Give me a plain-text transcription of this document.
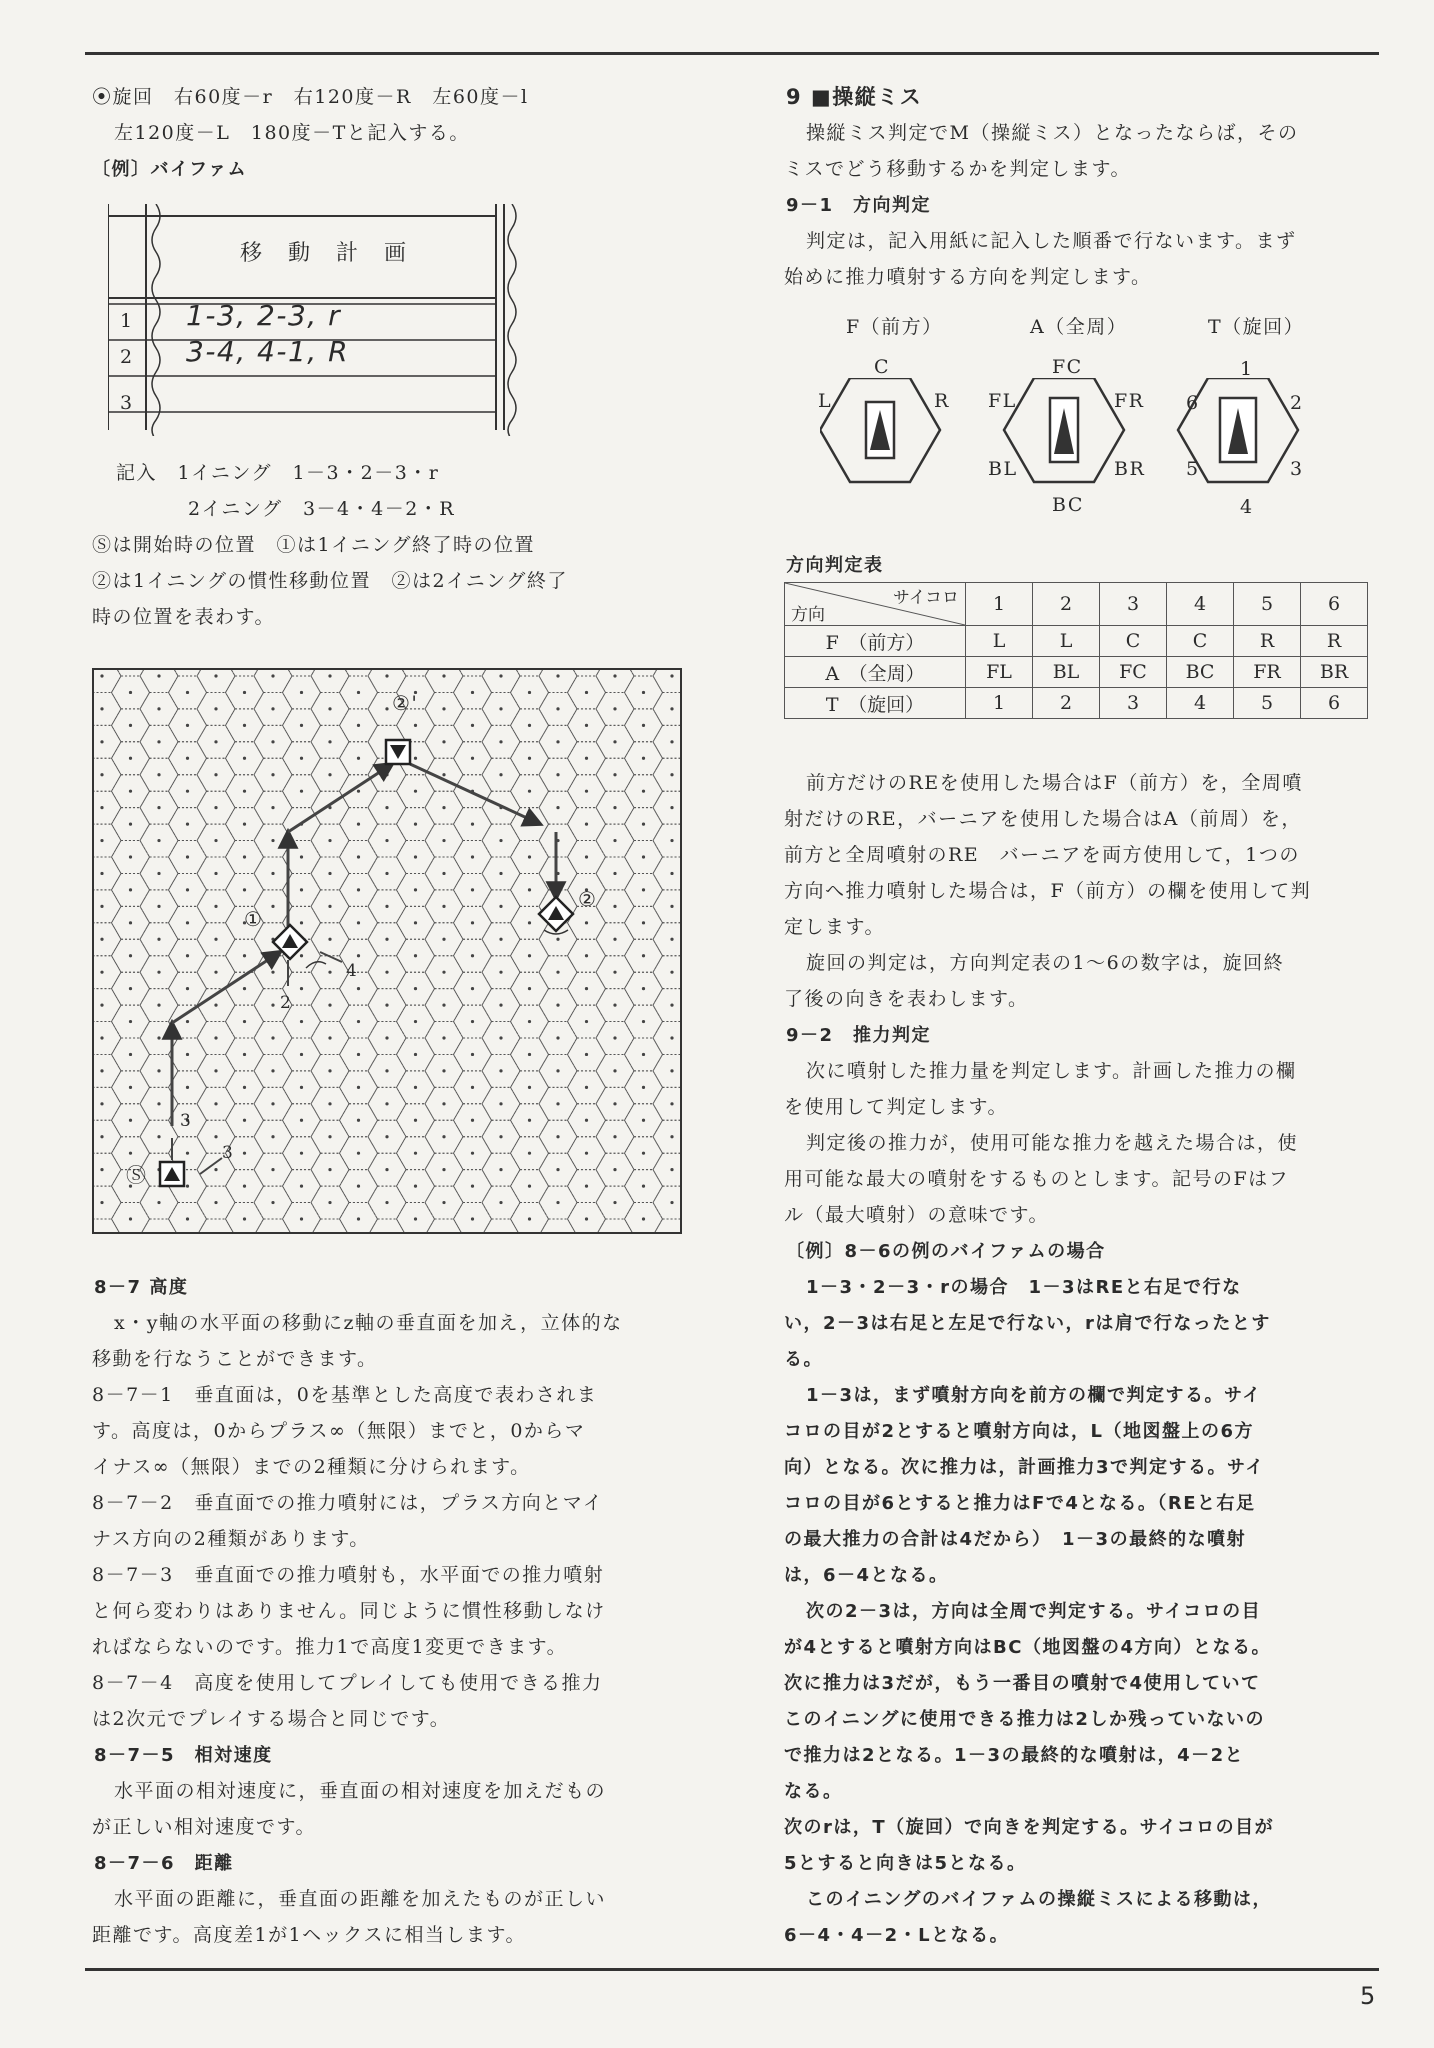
⦿旋回　右60度－r　右120度－R　左60度－l
左120度－L　180度－Tと記入する。
〔例〕バイファム
移　動　計　画
1 1-3, 2-3, r
2 3-4, 4-1, R
3
記入　1イニング　1－3・2－3・r
2イニング　3－4・4－2・R
Ⓢは開始時の位置　①は1イニング終了時の位置
②は1イニングの慣性移動位置　②は2イニング終了
時の位置を表わす。
Ⓢ
①
②
②'
2
3
3
4
8－7 高度
x・y軸の水平面の移動にz軸の垂直面を加え，立体的な
移動を行なうことができます。
8－7－1　垂直面は，0を基準とした高度で表わされま
す。高度は，0からプラス∞（無限）までと，0からマ
イナス∞（無限）までの2種類に分けられます。
8－7－2　垂直面での推力噴射には，プラス方向とマイ
ナス方向の2種類があります。
8－7－3　垂直面での推力噴射も，水平面での推力噴射
と何ら変わりはありません。同じように慣性移動しなけ
ればならないのです。推力1で高度1変更できます。
8－7－4　高度を使用してプレイしても使用できる推力
は2次元でプレイする場合と同じです。
8－7－5　相対速度
水平面の相対速度に，垂直面の相対速度を加えだもの
が正しい相対速度です。
8－7－6　距離
水平面の距離に，垂直面の距離を加えたものが正しい
距離です。高度差1が1ヘックスに相当します。
9 ■操縦ミス
操縦ミス判定でM（操縦ミス）となったならば，その
ミスでどう移動するかを判定します。
9－1　方向判定
判定は，記入用紙に記入した順番で行ないます。まず
始めに推力噴射する方向を判定します。
F（前方）	A（全周）	T（旋回）
C
L	R
FC
FL	FR
BL	BR
BC
1
2
3
4
5
6
方向判定表
サイコロ
方向	1	2	3	4	5	6
F　（前方）	L	L	C	C	R	R
A　（全周）	FL	BL	FC	BC	FR	BR
T　（旋回）	1	2	3	4	5	6
前方だけのREを使用した場合はF（前方）を，全周噴
射だけのRE，バーニアを使用した場合はA（前周）を，
前方と全周噴射のRE　バーニアを両方使用して，1つの
方向へ推力噴射した場合は，F（前方）の欄を使用して判
定します。
旋回の判定は，方向判定表の1～6の数字は，旋回終
了後の向きを表わします。
9－2　推力判定
次に噴射した推力量を判定します。計画した推力の欄
を使用して判定します。
判定後の推力が，使用可能な推力を越えた場合は，使
用可能な最大の噴射をするものとします。記号のFはフ
ル（最大噴射）の意味です。
〔例〕8－6の例のバイファムの場合
1－3・2－3・rの場合　1－3はREと右足で行な
い，2－3は右足と左足で行ない，rは肩で行なったとす
る。
1－3は，まず噴射方向を前方の欄で判定する。サイ
コロの目が2とすると噴射方向は，L（地図盤上の6方
向）となる。次に推力は，計画推力3で判定する。サイ
コロの目が6とすると推力はFで4となる。（REと右足
の最大推力の合計は4だから）　1－3の最終的な噴射
は，6－4となる。
次の2－3は，方向は全周で判定する。サイコロの目
が4とすると噴射方向はBC（地図盤の4方向）となる。
次に推力は3だが，もう一番目の噴射で4使用していて
このイニングに使用できる推力は2しか残っていないの
で推力は2となる。1－3の最終的な噴射は，4－2と
なる。
次のrは，T（旋回）で向きを判定する。サイコロの目が
5とすると向きは5となる。
このイニングのバイファムの操縦ミスによる移動は，
6－4・4－2・Lとなる。
5
